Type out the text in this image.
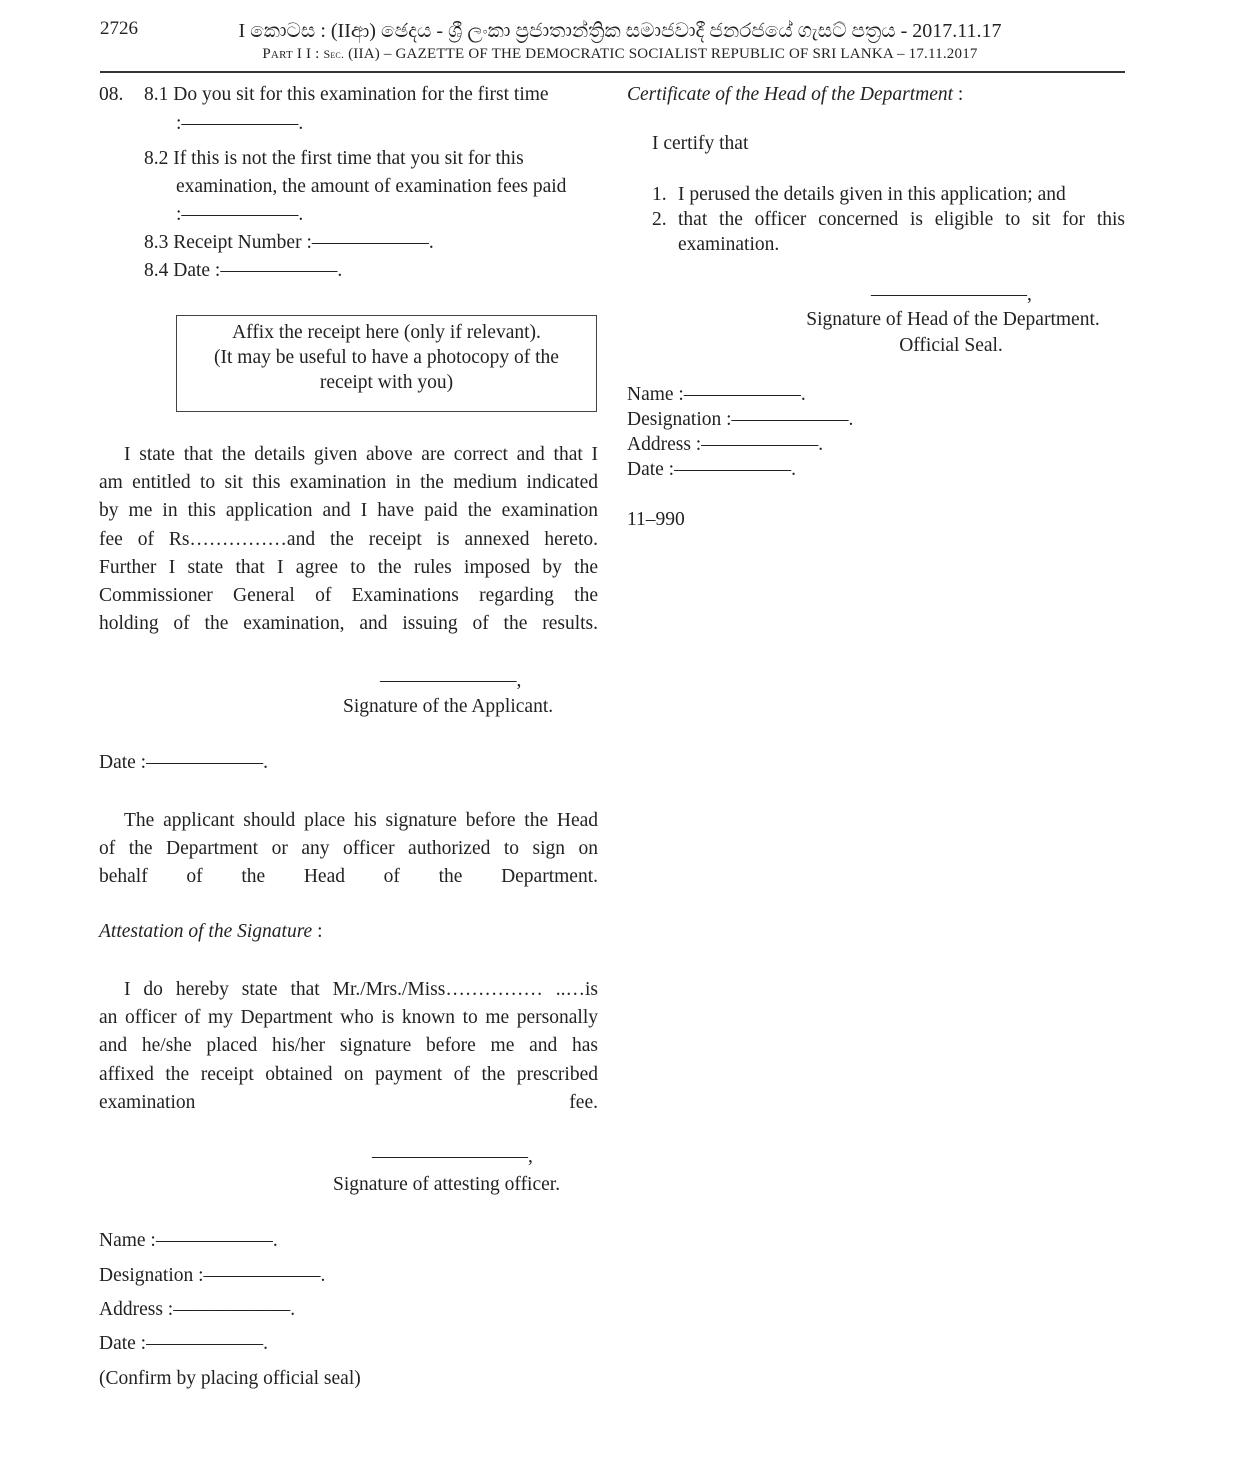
2726	I කොටස : (IIආ) ඡෙදය - ශ්‍රී ලංකා ප්‍රජාතාන්ත්‍රික සමාජවාදී ජනරජයේ ගැසට් පත්‍රය - 2017.11.17
Part I I : Sec. (IIA) – GAZETTE OF THE DEMOCRATIC SOCIALIST REPUBLIC OF SRI LANKA – 17.11.2017
08. 8.1 Do you sit for this examination for the first time
:——————.
8.2 If this is not the first time that you sit for this
examination, the amount of examination fees paid
:——————.
8.3 Receipt Number :——————.
8.4 Date :——————.
Affix the receipt here (only if relevant).
(It may be useful to have a photocopy of the
receipt with you)
I state that the details given above are correct and that I
am entitled to sit this examination in the medium indicated
by me in this application and I have paid the examination
fee of Rs……………and the receipt is annexed hereto.
Further I state that I agree to the rules imposed by the
Commissioner General of Examinations regarding the
holding of the examination, and issuing of the results.
———————,
Signature of the Applicant.
Date :——————.
The applicant should place his signature before the Head
of the Department or any officer authorized to sign on
behalf of the Head of the Department.
Attestation of the Signature :
I do hereby state that Mr./Mrs./Miss…………… ..…is
an officer of my Department who is known to me personally
and he/she placed his/her signature before me and has
affixed the receipt obtained on payment of the prescribed
examination fee.
————————,
Signature of attesting officer.
Name :——————.
Designation :——————.
Address :——————.
Date :——————.
(Confirm by placing official seal)
Certificate of the Head of the Department :
I certify that
1. I perused the details given in this application; and
2. that the officer concerned is eligible to sit for this
examination.
————————,
Signature of Head of the Department.
Official Seal.
Name :——————.
Designation :——————.
Address :——————.
Date :——————.
11–990
